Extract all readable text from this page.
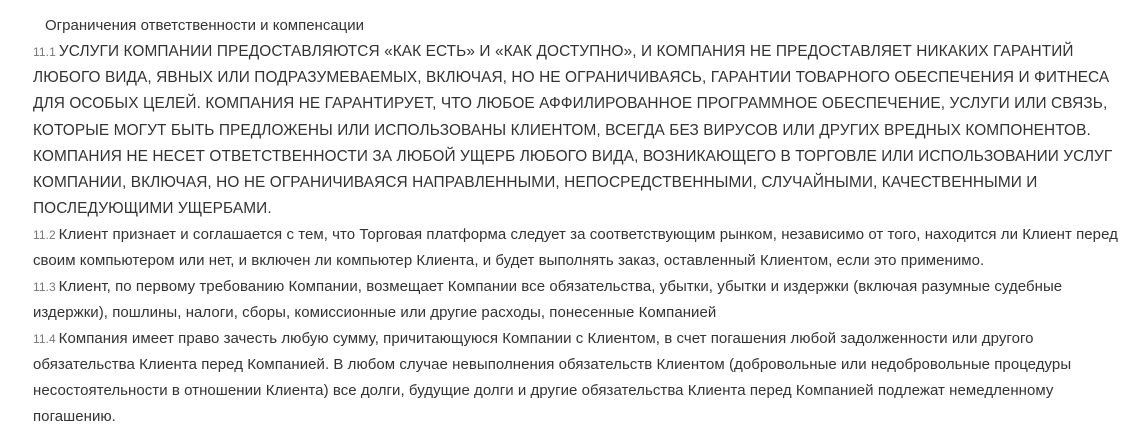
Ограничения ответственности и компенсации

11.1 УСЛУГИ КОМПАНИИ ПРЕДОСТАВЛЯЮТСЯ «КАК ЕСТЬ» И «КАК ДОСТУПНО», И КОМПАНИЯ НЕ ПРЕДОСТАВЛЯЕТ НИКАКИХ ГАРАНТИЙ ЛЮБОГО ВИДА, ЯВНЫХ ИЛИ ПОДРАЗУМЕВАЕМЫХ, ВКЛЮЧАЯ, НО НЕ ОГРАНИЧИВАЯСЬ, ГАРАНТИИ ТОВАРНОГО ОБЕСПЕЧЕНИЯ И ФИТНЕСА ДЛЯ ОСОБЫХ ЦЕЛЕЙ. КОМПАНИЯ НЕ ГАРАНТИРУЕТ, ЧТО ЛЮБОЕ АФФИЛИРОВАННОЕ ПРОГРАММНОЕ ОБЕСПЕЧЕНИЕ, УСЛУГИ ИЛИ СВЯЗЬ, КОТОРЫЕ МОГУТ БЫТЬ ПРЕДЛОЖЕНЫ ИЛИ ИСПОЛЬЗОВАНЫ КЛИЕНТОМ, ВСЕГДА БЕЗ ВИРУСОВ ИЛИ ДРУГИХ ВРЕДНЫХ КОМПОНЕНТОВ. КОМПАНИЯ НЕ НЕСЕТ ОТВЕТСТВЕННОСТИ ЗА ЛЮБОЙ УЩЕРБ ЛЮБОГО ВИДА, ВОЗНИКАЮЩЕГО В ТОРГОВЛЕ ИЛИ ИСПОЛЬЗОВАНИИ УСЛУГ КОМПАНИИ, ВКЛЮЧАЯ, НО НЕ ОГРАНИЧИВАЯСЯ НАПРАВЛЕННЫМИ, НЕПОСРЕДСТВЕННЫМИ, СЛУЧАЙНЫМИ, КАЧЕСТВЕННЫМИ И ПОСЛЕДУЮЩИМИ УЩЕРБАМИ.

11.2 Клиент признает и соглашается с тем, что Торговая платформа следует за соответствующим рынком, независимо от того, находится ли Клиент перед своим компьютером или нет, и включен ли компьютер Клиента, и будет выполнять заказ, оставленный Клиентом, если это применимо.

11.3 Клиент, по первому требованию Компании, возмещает Компании все обязательства, убытки, убытки и издержки (включая разумные судебные издержки), пошлины, налоги, сборы, комиссионные или другие расходы, понесенные Компанией

11.4 Компания имеет право зачесть любую сумму, причитающуюся Компании с Клиентом, в счет погашения любой задолженности или другого обязательства Клиента перед Компанией. В любом случае невыполнения обязательств Клиентом (добровольные или недобровольные процедуры несостоятельности в отношении Клиента) все долги, будущие долги и другие обязательства Клиента перед Компанией подлежат немедленному погашению.
